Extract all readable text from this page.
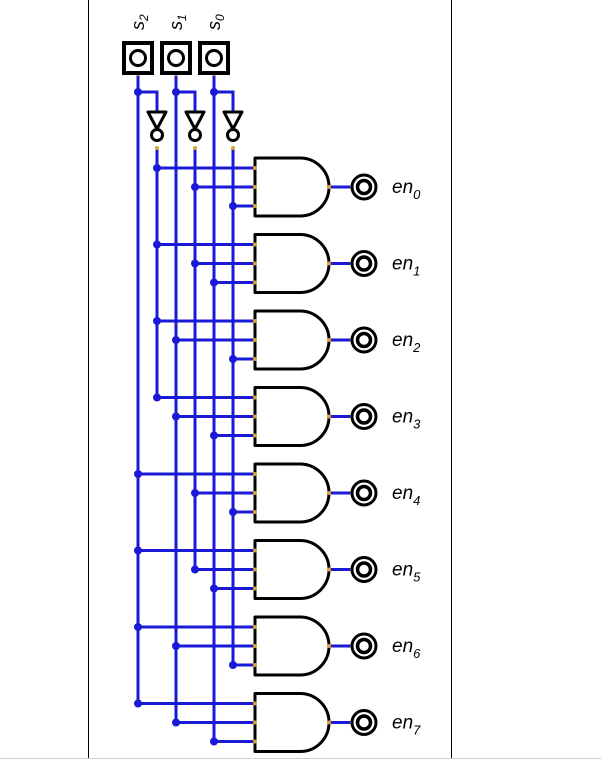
$s_2$
$s_1$
$s_0$
$en_0$
$en_1$
$en_2$
$en_3$
$en_4$
$en_5$
$en_6$
$en_7$
